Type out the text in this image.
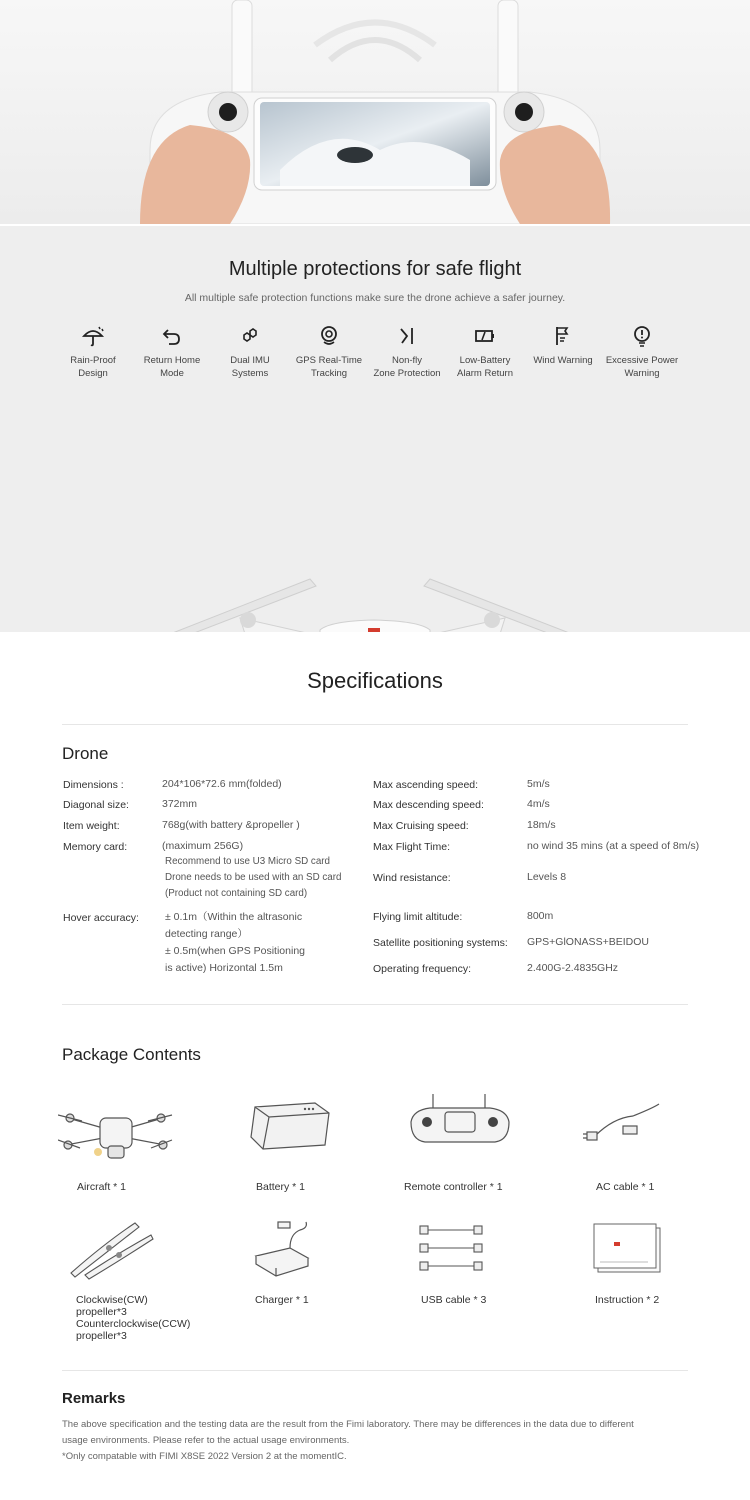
Multiple protections for safe flight
All multiple safe protection functions make sure the drone achieve a safer journey.
Rain-Proof
Design
Return Home
Mode
Dual IMU
Systems
GPS Real-Time
Tracking
Non-fly
Zone Protection
Low-Battery
Alarm Return
Wind Warning	Excessive Power
Warning
Specifications
Drone
Dimensions :	204*106*72.6 mm(folded)
Diagonal size:	372mm
Item weight:	768g(with battery &propeller )
Memory card:	(maximum 256G)
Recommend to use U3 Micro SD card
Drone needs to be used with an SD card
(Product not containing SD card)
Hover accuracy: ± 0.1m（Within the altrasonic
detecting range）
± 0.5m(when GPS Positioning
is active) Horizontal 1.5m
Max ascending speed:	5m/s
Max descending speed:	4m/s
Max Cruising speed:	18m/s
Max Flight Time:	no wind 35 mins (at a speed of 8m/s)
Wind resistance:	Levels 8
Flying limit altitude:	800m
Satellite positioning systems: GPS+GlONASS+BEIDOU
Operating frequency:	2.400G-2.4835GHz
Package Contents
Aircraft * 1	Battery * 1	Remote controller * 1	AC cable * 1
Clockwise(CW)
propeller*3
Counterclockwise(CCW)
propeller*3
Charger * 1	USB cable * 3	Instruction * 2
Remarks
The above specification and the testing data are the result from the Fimi laboratory. There may be differences in the data due to different
usage environments. Please refer to the actual usage environments.
*Only compatable with FIMI X8SE 2022 Version 2 at the momentIC.
